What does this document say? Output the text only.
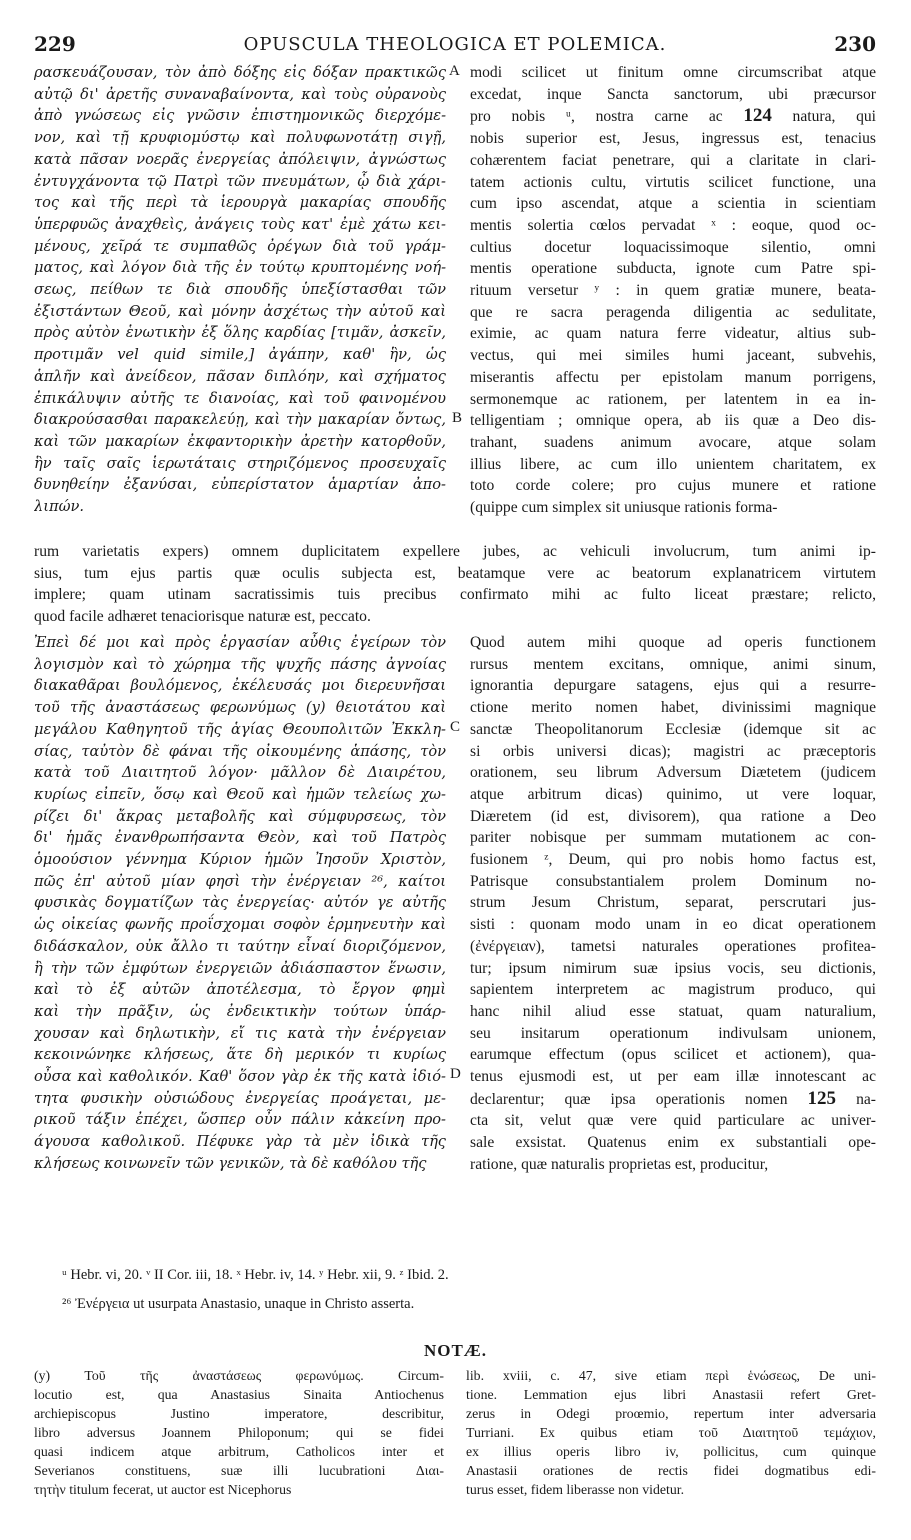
229	OPUSCULA THEOLOGICA ET POLEMICA.	230
ρασκευάζουσαν, τὸν ἀπὸ δόξης εἰς δόξαν πρακτικῶς
αὐτῷ δι' ἀρετῆς συναναβαίνοντα, καὶ τοὺς οὐρανοὺς
ἀπὸ γνώσεως εἰς γνῶσιν ἐπιστημονικῶς διερχόμε-
νον, καὶ τῇ κρυφιομύστῳ καὶ πολυφωνοτάτῃ σιγῇ,
κατὰ πᾶσαν νοερᾶς ἐνεργείας ἀπόλειψιν, ἀγνώστως
ἐντυγχάνοντα τῷ Πατρὶ τῶν πνευμάτων, ᾧ διὰ χάρι-
τος καὶ τῆς περὶ τὰ ἱερουργὰ μακαρίας σπουδῆς
ὑπερφυῶς ἀναχθεὶς, ἀνάγεις τοὺς κατ' ἐμὲ χάτω κει-
μένους, χεῖρά τε συμπαθῶς ὀρέγων διὰ τοῦ γράμ-
ματος, καὶ λόγον διὰ τῆς ἐν τούτῳ κρυπτομένης νοή-
σεως, πείθων τε διὰ σπουδῆς ὑπεξίστασθαι τῶν
ἐξιστάντων Θεοῦ, καὶ μόνην ἀσχέτως τὴν αὐτοῦ καὶ
πρὸς αὐτὸν ἑνωτικὴν ἐξ ὅλης καρδίας [τιμᾶν, ἀσκεῖν,
προτιμᾶν vel quid simile,] ἀγάπην, καθ' ἣν, ὡς
ἁπλῆν καὶ ἀνείδεον, πᾶσαν διπλόην, καὶ σχήματος
ἐπικάλυψιν αὐτῆς τε διανοίας, καὶ τοῦ φαινομένου
διακρούσασθαι παρακελεύῃ, καὶ τὴν μακαρίαν ὄντως,
καὶ τῶν μακαρίων ἐκφαντορικὴν ἀρετὴν κατορθοῦν,
ἣν ταῖς σαῖς ἱερωτάταις στηριζόμενος προσευχαῖς
δυνηθείην ἐξανύσαι, εὐπερίστατον ἁμαρτίαν ἀπο-
λιπών.
A
B
modi scilicet ut finitum omne circumscribat atque
excedat, inque Sancta sanctorum, ubi præcursor
pro nobis ᵘ, nostra carne ac 124 natura, qui
nobis superior est, Jesus, ingressus est, tenacius
cohærentem faciat penetrare, qui a claritate in clari-
tatem actionis cultu, virtutis scilicet functione, una
cum ipso ascendat, atque a scientia in scientiam
mentis solertia cœlos pervadat ˣ : eoque, quod oc-
cultius docetur loquacissimoque silentio, omni
mentis operatione subducta, ignote cum Patre spi-
rituum versetur ʸ : in quem gratiæ munere, beata-
que re sacra peragenda diligentia ac sedulitate,
eximie, ac quam natura ferre videatur, altius sub-
vectus, qui mei similes humi jaceant, subvehis,
miserantis affectu per epistolam manum porrigens,
sermonemque ac rationem, per latentem in ea in-
telligentiam ; omnique opera, ab iis quæ a Deo dis-
trahant, suadens animum avocare, atque solam
illius libere, ac cum illo unientem charitatem, ex
toto corde colere; pro cujus munere et ratione
(quippe cum simplex sit uniusque rationis forma-
rum varietatis expers) omnem duplicitatem expellere jubes, ac vehiculi involucrum, tum animi ip-
sius, tum ejus partis quæ oculis subjecta est, beatamque vere ac beatorum explanatricem virtutem
implere; quam utinam sacratissimis tuis precibus confirmato mihi ac fulto liceat præstare; relicto,
quod facile adhæret tenaciorisque naturæ est, peccato.
Ἐπεὶ δέ μοι καὶ πρὸς ἐργασίαν αὖθις ἐγείρων τὸν
λογισμὸν καὶ τὸ χώρημα τῆς ψυχῆς πάσης ἀγνοίας
διακαθᾶραι βουλόμενος, ἐκέλευσάς μοι διερευνῆσαι
τοῦ τῆς ἀναστάσεως φερωνύμως (y) θειοτάτου καὶ
μεγάλου Καθηγητοῦ τῆς ἁγίας Θεουπολιτῶν Ἐκκλη-
σίας, ταὐτὸν δὲ φάναι τῆς οἰκουμένης ἁπάσης, τὸν
κατὰ τοῦ Διαιτητοῦ λόγον· μᾶλλον δὲ Διαιρέτου,
κυρίως εἰπεῖν, ὅσῳ καὶ Θεοῦ καὶ ἡμῶν τελείως χω-
ρίζει δι' ἄκρας μεταβολῆς καὶ σύμφυρσεως, τὸν
δι' ἡμᾶς ἐνανθρωπήσαντα Θεὸν, καὶ τοῦ Πατρὸς
ὁμοούσιον γέννημα Κύριον ἡμῶν Ἰησοῦν Χριστὸν,
πῶς ἐπ' αὐτοῦ μίαν φησὶ τὴν ἐνέργειαν ²⁶, καίτοι
φυσικὰς δογματίζων τὰς ἐνεργείας· αὐτόν γε αὐτῆς
ὡς οἰκείας φωνῆς προΐσχομαι σοφὸν ἑρμηνευτὴν καὶ
διδάσκαλον, οὐκ ἄλλο τι ταύτην εἶναί διοριζόμενον,
ἢ τὴν τῶν ἐμφύτων ἐνεργειῶν ἀδιάσπαστον ἕνωσιν,
καὶ τὸ ἐξ αὐτῶν ἀποτέλεσμα, τὸ ἔργον φημὶ
καὶ τὴν πρᾶξιν, ὡς ἐνδεικτικὴν τούτων ὑπάρ-
χουσαν καὶ δηλωτικὴν, εἴ τις κατὰ τὴν ἐνέργειαν
κεκοινώνηκε κλήσεως, ἅτε δὴ μερικόν τι κυρίως
οὖσα καὶ καθολικόν. Καθ' ὅσον γὰρ ἐκ τῆς κατὰ ἰδιό-
τητα φυσικὴν οὐσιώδους ἐνεργείας προάγεται, με-
ρικοῦ τάξιν ἐπέχει, ὥσπερ οὖν πάλιν κἀκείνη προ-
άγουσα καθολικοῦ. Πέφυκε γὰρ τὰ μὲν ἰδικὰ τῆς
κλήσεως κοινωνεῖν τῶν γενικῶν, τὰ δὲ καθόλου τῆς
C
D
Quod autem mihi quoque ad operis functionem
rursus mentem excitans, omnique, animi sinum,
ignorantia depurgare satagens, ejus qui a resurre-
ctione merito nomen habet, divinissimi magnique
sanctæ Theopolitanorum Ecclesiæ (idemque sit ac
si orbis universi dicas); magistri ac præceptoris
orationem, seu librum Adversum Diætetem (judicem
atque arbitrum dicas) quinimo, ut vere loquar,
Diæretem (id est, divisorem), qua ratione a Deo
pariter nobisque per summam mutationem ac con-
fusionem ᶻ, Deum, qui pro nobis homo factus est,
Patrisque consubstantialem prolem Dominum no-
strum Jesum Christum, separat, perscrutari jus-
sisti : quonam modo unam in eo dicat operationem
(ἐνέργειαν), tametsi naturales operationes profitea-
tur; ipsum nimirum suæ ipsius vocis, seu dictionis,
sapientem interpretem ac magistrum produco, qui
hanc nihil aliud esse statuat, quam naturalium,
seu insitarum operationum indivulsam unionem,
earumque effectum (opus scilicet et actionem), qua-
tenus ejusmodi est, ut per eam illæ innotescant ac
declarentur; quæ ipsa operationis nomen 125 na-
cta sit, velut quæ vere quid particulare ac univer-
sale exsistat. Quatenus enim ex substantiali ope-
ratione, quæ naturalis proprietas est, producitur,
ᵘ Hebr. vi, 20. ᵛ II Cor. iii, 18. ˣ Hebr. iv, 14. ʸ Hebr. xii, 9. ᶻ Ibid. 2.
²⁶ Ἐνέργεια ut usurpata Anastasio, unaque in Christo asserta.
NOTÆ.
(y) Τοῦ τῆς ἀναστάσεως φερωνύμως. Circum-
locutio est, qua Anastasius Sinaita Antiochenus
archiepiscopus Justino imperatore, describitur,
libro adversus Joannem Philoponum; qui se fidei
quasi indicem atque arbitrum, Catholicos inter et
Severianos constituens, suæ illi lucubrationi Διαι-
τητὴν titulum fecerat, ut auctor est Nicephorus
lib. xviii, c. 47, sive etiam περὶ ἑνώσεως, De uni-
tione. Lemmation ejus libri Anastasii refert Gret-
zerus in Odegi proœmio, repertum inter adversaria
Turriani. Ex quibus etiam τοῦ Διαιτητοῦ τεμάχιον,
ex illius operis libro iv, pollicitus, cum quinque
Anastasii orationes de rectis fidei dogmatibus edi-
turus esset, fidem liberasse non videtur.
